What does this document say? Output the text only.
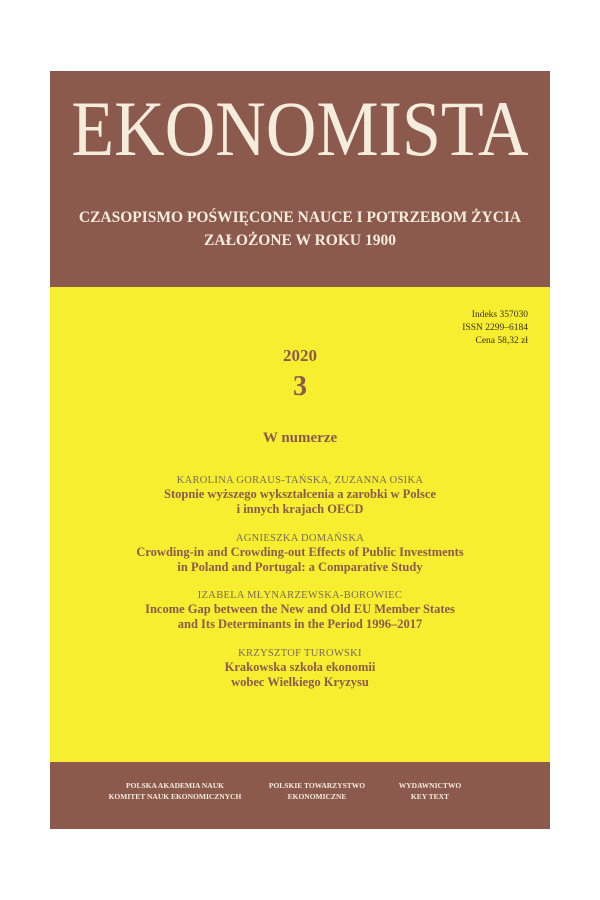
EKONOMISTA
CZASOPISMO POŚWIĘCONE NAUCE I POTRZEBOM ŻYCIA
ZAŁOŻONE W ROKU 1900
Indeks 357030
ISSN 2299–6184
Cena 58,32 zł
2020
3
W numerze
KAROLINA GORAUS-TAŃSKA, ZUZANNA OSIKA
Stopnie wyższego wykształcenia a zarobki w Polsce
i innych krajach OECD
AGNIESZKA DOMAŃSKA
Crowding-in and Crowding-out Effects of Public Investments
in Poland and Portugal: a Comparative Study
IZABELA MŁYNARZEWSKA-BOROWIEC
Income Gap between the New and Old EU Member States
and Its Determinants in the Period 1996–2017
KRZYSZTOF TUROWSKI
Krakowska szkoła ekonomii
wobec Wielkiego Kryzysu
POLSKA AKADEMIA NAUK
KOMITET NAUK EKONOMICZNYCH
POLSKIE TOWARZYSTWO
EKONOMICZNE
WYDAWNICTWO
KEY TEXT
